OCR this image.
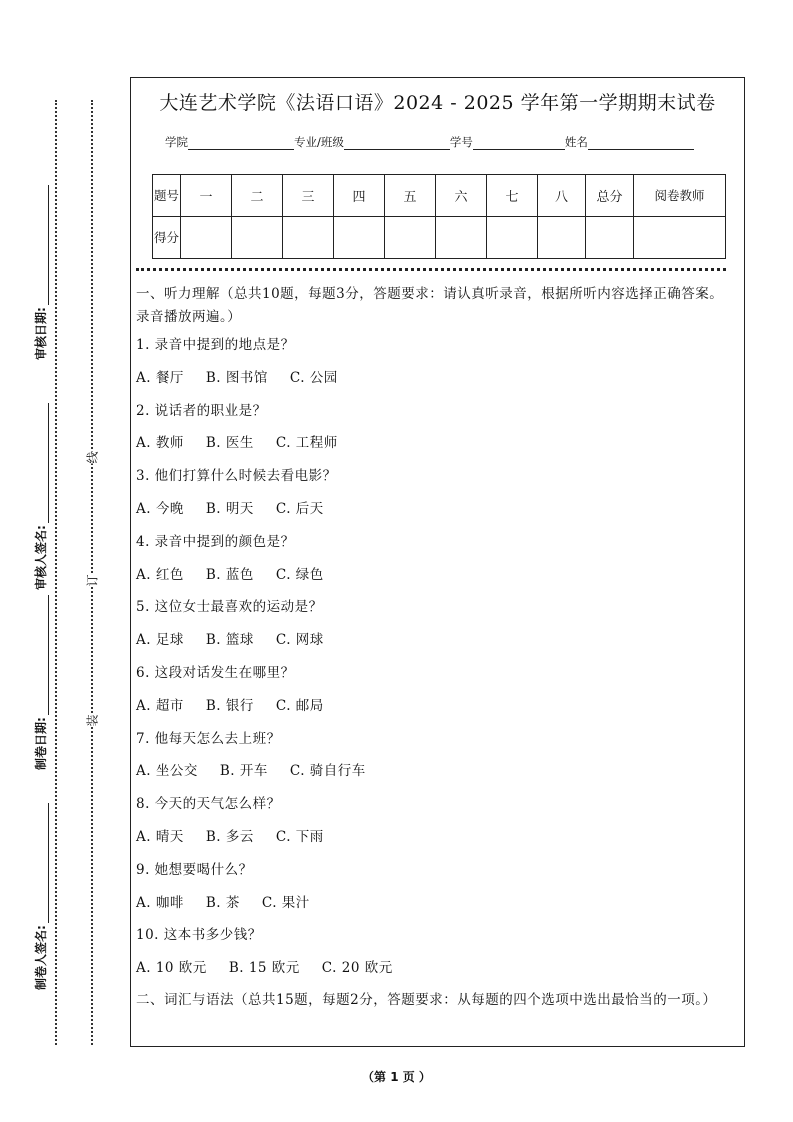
审核日期:
审核人签名:
制卷日期:
制卷人签名:
线
订
装
大连艺术学院《法语口语》2024 - 2025 学年第一学期期末试卷
学院	专业/班级	学号	姓名
题号	一	二	三	四	五	六	七	八	总分	阅卷教师
得分										

一、听力理解（总共10题，每题3分，答题要求：请认真听录音，根据所听内容选择正确答案。录音播放两遍。）

1. 录音中提到的地点是？
A. 餐厅 B. 图书馆 C. 公园
2. 说话者的职业是？
A. 教师 B. 医生 C. 工程师
3. 他们打算什么时候去看电影？
A. 今晚 B. 明天 C. 后天
4. 录音中提到的颜色是？
A. 红色 B. 蓝色 C. 绿色
5. 这位女士最喜欢的运动是？
A. 足球 B. 篮球 C. 网球
6. 这段对话发生在哪里？
A. 超市 B. 银行 C. 邮局
7. 他每天怎么去上班？
A. 坐公交 B. 开车 C. 骑自行车
8. 今天的天气怎么样？
A. 晴天 B. 多云 C. 下雨
9. 她想要喝什么？
A. 咖啡 B. 茶 C. 果汁
10. 这本书多少钱？
A. 10 欧元 B. 15 欧元 C. 20 欧元

二、词汇与语法（总共15题，每题2分，答题要求：从每题的四个选项中选出最恰当的一项。）

（第 1 页 ）
